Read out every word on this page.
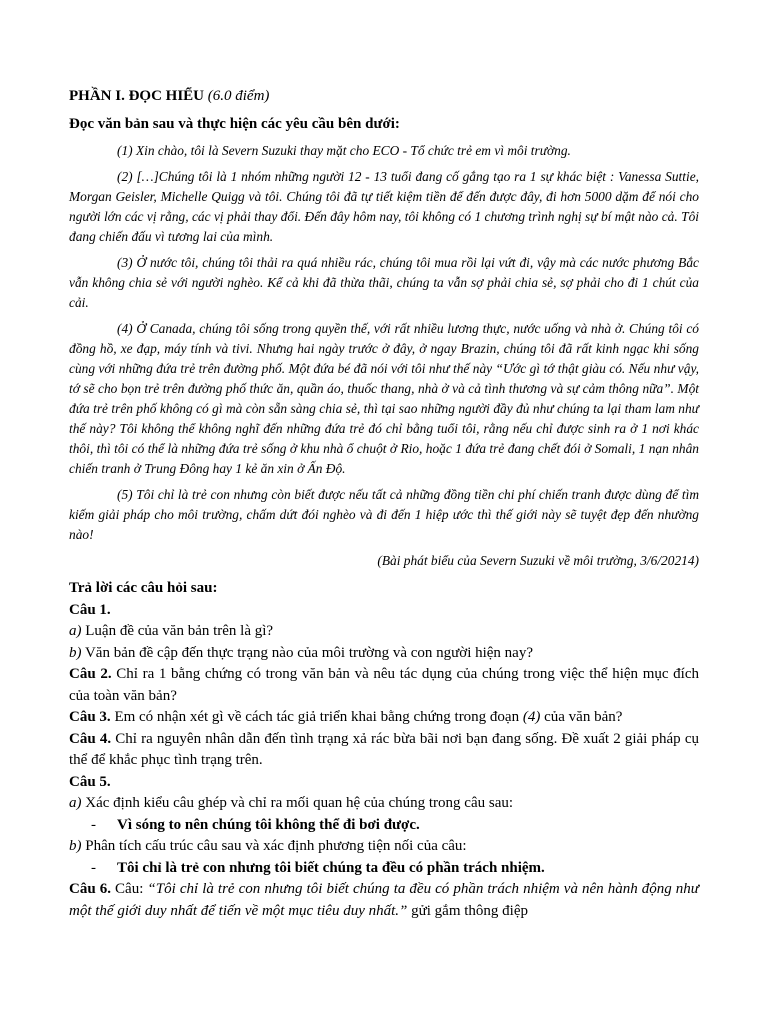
PHẦN I. ĐỌC HIỂU (6.0 điểm)

Đọc văn bản sau và thực hiện các yêu cầu bên dưới:

(1) Xin chào, tôi là Severn Suzuki thay mặt cho ECO - Tổ chức trẻ em vì môi trường.

(2) […]Chúng tôi là 1 nhóm những người 12 - 13 tuổi đang cố gắng tạo ra 1 sự khác biệt : Vanessa Suttie, Morgan Geisler, Michelle Quigg và tôi. Chúng tôi đã tự tiết kiệm tiền để đến được đây, đi hơn 5000 dặm để nói cho người lớn các vị rằng, các vị phải thay đổi. Đến đây hôm nay, tôi không có 1 chương trình nghị sự bí mật nào cả. Tôi đang chiến đấu vì tương lai của mình.

(3) Ở nước tôi, chúng tôi thải ra quá nhiều rác, chúng tôi mua rồi lại vứt đi, vậy mà các nước phương Bắc vẫn không chia sẻ với người nghèo. Kể cả khi đã thừa thãi, chúng ta vẫn sợ phải chia sẻ, sợ phải cho đi 1 chút của cải.

(4) Ở Canada, chúng tôi sống trong quyền thế, với rất nhiều lương thực, nước uống và nhà ở. Chúng tôi có đồng hồ, xe đạp, máy tính và tivi. Nhưng hai ngày trước ở đây, ở ngay Brazin, chúng tôi đã rất kinh ngạc khi sống cùng với những đứa trẻ trên đường phố. Một đứa bé đã nói với tôi như thế này “Ước gì tớ thật giàu có. Nếu như vậy, tớ sẽ cho bọn trẻ trên đường phố thức ăn, quần áo, thuốc thang, nhà ở và cả tình thương và sự cảm thông nữa”. Một đứa trẻ trên phố không có gì mà còn sẵn sàng chia sẻ, thì tại sao những người đầy đủ như chúng ta lại tham lam như thế này? Tôi không thể không nghĩ đến những đứa trẻ đó chỉ bằng tuổi tôi, rằng nếu chỉ được sinh ra ở 1 nơi khác thôi, thì tôi có thể là những đứa trẻ sống ở khu nhà ổ chuột ở Rio, hoặc 1 đứa trẻ đang chết đói ở Somali, 1 nạn nhân chiến tranh ở Trung Đông hay 1 kẻ ăn xin ở Ấn Độ.

(5) Tôi chỉ là trẻ con nhưng còn biết được nếu tất cả những đồng tiền chi phí chiến tranh được dùng để tìm kiếm giải pháp cho môi trường, chấm dứt đói nghèo và đi đến 1 hiệp ước thì thế giới này sẽ tuyệt đẹp đến nhường nào!

(Bài phát biểu của Severn Suzuki về môi trường, 3/6/20214)

Trả lời các câu hỏi sau:

Câu 1.

a) Luận đề của văn bản trên là gì?

b) Văn bản đề cập đến thực trạng nào của môi trường và con người hiện nay?

Câu 2. Chỉ ra 1 bằng chứng có trong văn bản và nêu tác dụng của chúng trong việc thể hiện mục đích của toàn văn bản?

Câu 3. Em có nhận xét gì về cách tác giả triển khai bằng chứng trong đoạn (4) của văn bản?

Câu 4. Chỉ ra nguyên nhân dẫn đến tình trạng xả rác bừa bãi nơi bạn đang sống. Đề xuất 2 giải pháp cụ thể để khắc phục tình trạng trên.

Câu 5.

a) Xác định kiểu câu ghép và chỉ ra mối quan hệ của chúng trong câu sau:

-	Vì sóng to nên chúng tôi không thể đi bơi được.

b) Phân tích cấu trúc câu sau và xác định phương tiện nối của câu:

-	Tôi chỉ là trẻ con nhưng tôi biết chúng ta đều có phần trách nhiệm.

Câu 6. Câu: “Tôi chỉ là trẻ con nhưng tôi biết chúng ta đều có phần trách nhiệm và nên hành động như một thế giới duy nhất để tiến về một mục tiêu duy nhất.” gửi gắm thông điệp
